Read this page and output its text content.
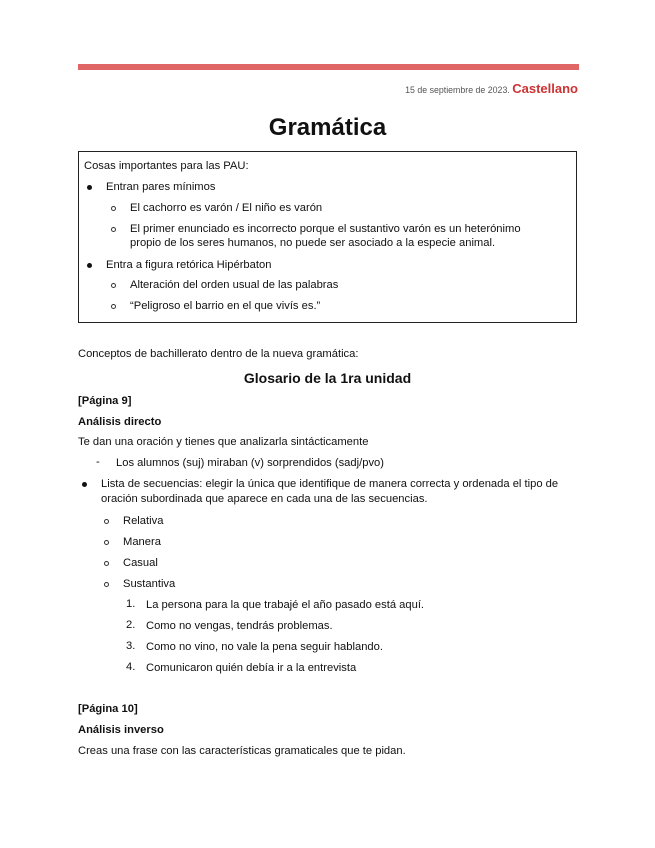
15 de septiembre de 2023. Castellano
Gramática
Cosas importantes para las PAU:
Entran pares mínimos
El cachorro es varón / El niño es varón
El primer enunciado es incorrecto porque el sustantivo varón es un heterónimo
propio de los seres humanos, no puede ser asociado a la especie animal.
Entra a figura retórica Hipérbaton
Alteración del orden usual de las palabras
“Peligroso el barrio en el que vivís es.”
Conceptos de bachillerato dentro de la nueva gramática:
Glosario de la 1ra unidad
[Página 9]
Análisis directo
Te dan una oración y tienes que analizarla sintácticamente
- Los alumnos (suj) miraban (v) sorprendidos (sadj/pvo)
Lista de secuencias: elegir la única que identifique de manera correcta y ordenada el tipo de
oración subordinada que aparece en cada una de las secuencias.
Relativa
Manera
Casual
Sustantiva
1. La persona para la que trabajé el año pasado está aquí.
2. Como no vengas, tendrás problemas.
3. Como no vino, no vale la pena seguir hablando.
4. Comunicaron quién debía ir a la entrevista
[Página 10]
Análisis inverso
Creas una frase con las características gramaticales que te pidan.
